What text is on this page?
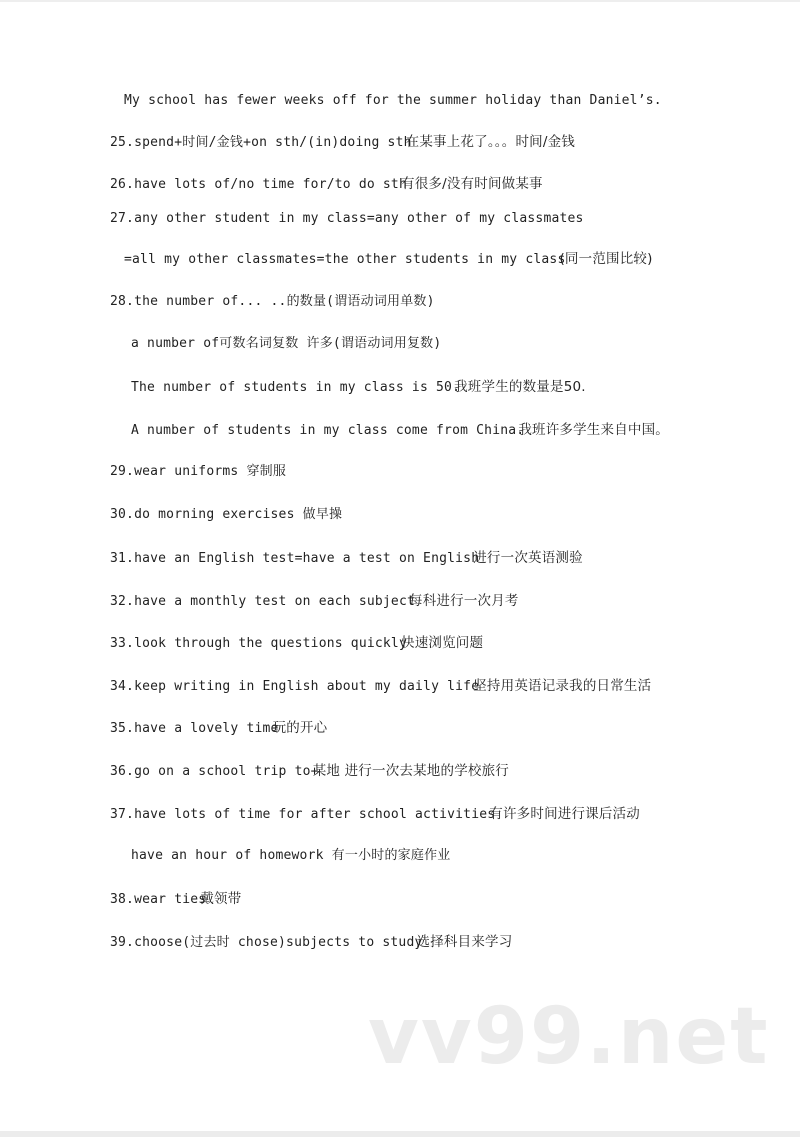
My school has fewer weeks off for the summer holiday than Daniel’s.
25.spend+时间/金钱+on sth/(in)doing sth在某事上花了。。。时间/金钱
26.have lots of/no time for/to do sth有很多/没有时间做某事
27.any other student in my class=any other of my classmates
=all my other classmates=the other students in my class(同一范围比较)
28.the number of... ..的数量(谓语动词用单数)
a number of可数名词复数 许多(谓语动词用复数)
The number of students in my class is 50.我班学生的数量是50.
A number of students in my class come from China.我班许多学生来自中国。
29.wear uniforms 穿制服
30.do morning exercises 做早操
31.have an English test=have a test on English进行一次英语测验
32.have a monthly test on each subject每科进行一次月考
33.look through the questions quickly快速浏览问题
34.keep writing in English about my daily life坚持用英语记录我的日常生活
35.have a lovely time玩的开心
36.go on a school trip to+某地 进行一次去某地的学校旅行
37.have lots of time for after school activities有许多时间进行课后活动
have an hour of homework 有一小时的家庭作业
38.wear ties戴领带
39.choose(过去时 chose)subjects to study选择科目来学习
vv99.net
